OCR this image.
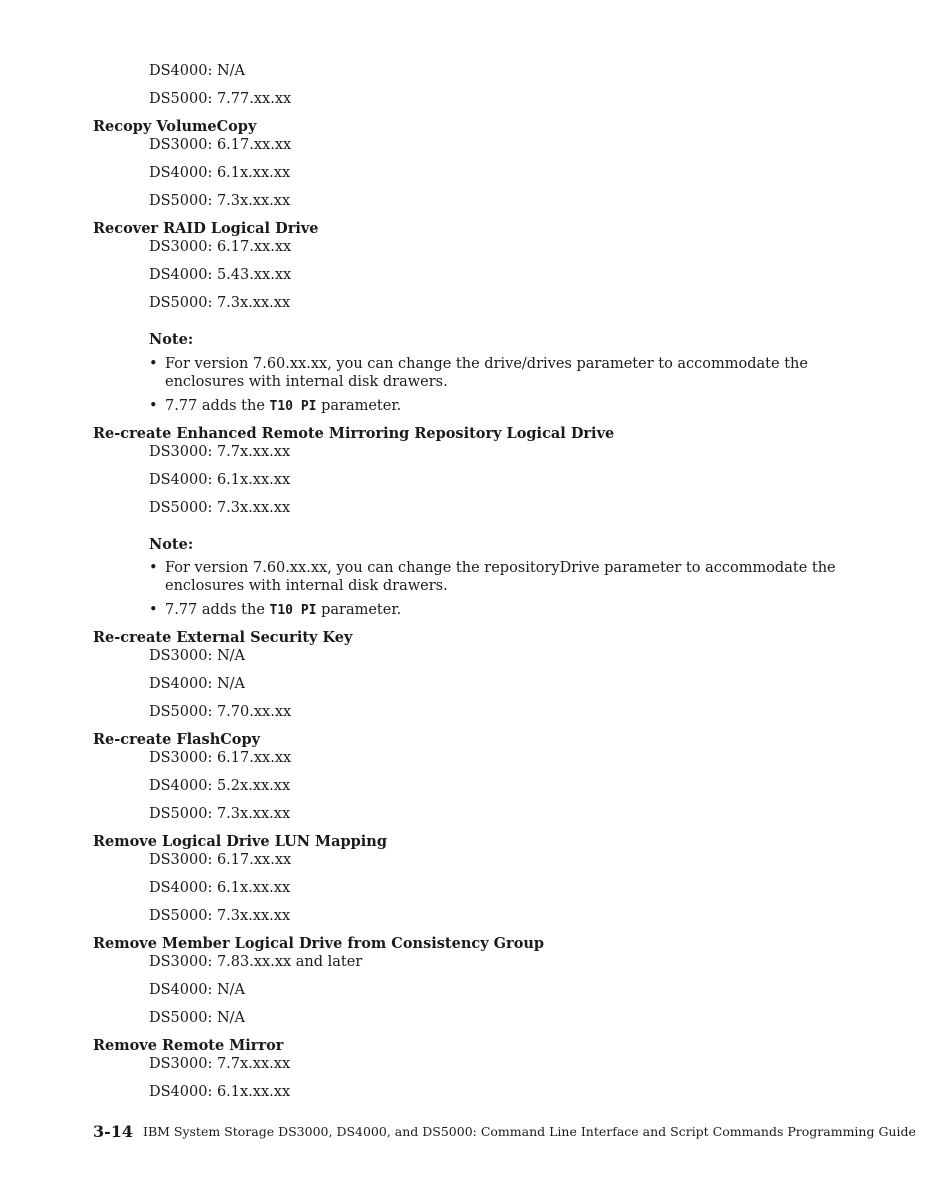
DS4000: N/A
DS5000: 7.77.xx.xx
Recopy VolumeCopy
DS3000: 6.17.xx.xx
DS4000: 6.1x.xx.xx
DS5000: 7.3x.xx.xx
Recover RAID Logical Drive
DS3000: 6.17.xx.xx
DS4000: 5.43.xx.xx
DS5000: 7.3x.xx.xx
Note:
• For version 7.60.xx.xx, you can change the drive/drives parameter to accommodate the
enclosures with internal disk drawers.
• 7.77 adds the T10 PI parameter.
Re-create Enhanced Remote Mirroring Repository Logical Drive
DS3000: 7.7x.xx.xx
DS4000: 6.1x.xx.xx
DS5000: 7.3x.xx.xx
Note:
• For version 7.60.xx.xx, you can change the repositoryDrive parameter to accommodate the
enclosures with internal disk drawers.
• 7.77 adds the T10 PI parameter.
Re-create External Security Key
DS3000: N/A
DS4000: N/A
DS5000: 7.70.xx.xx
Re-create FlashCopy
DS3000: 6.17.xx.xx
DS4000: 5.2x.xx.xx
DS5000: 7.3x.xx.xx
Remove Logical Drive LUN Mapping
DS3000: 6.17.xx.xx
DS4000: 6.1x.xx.xx
DS5000: 7.3x.xx.xx
Remove Member Logical Drive from Consistency Group
DS3000: 7.83.xx.xx and later
DS4000: N/A
DS5000: N/A
Remove Remote Mirror
DS3000: 7.7x.xx.xx
DS4000: 6.1x.xx.xx
3-14 IBM System Storage DS3000, DS4000, and DS5000: Command Line Interface and Script Commands Programming Guide
